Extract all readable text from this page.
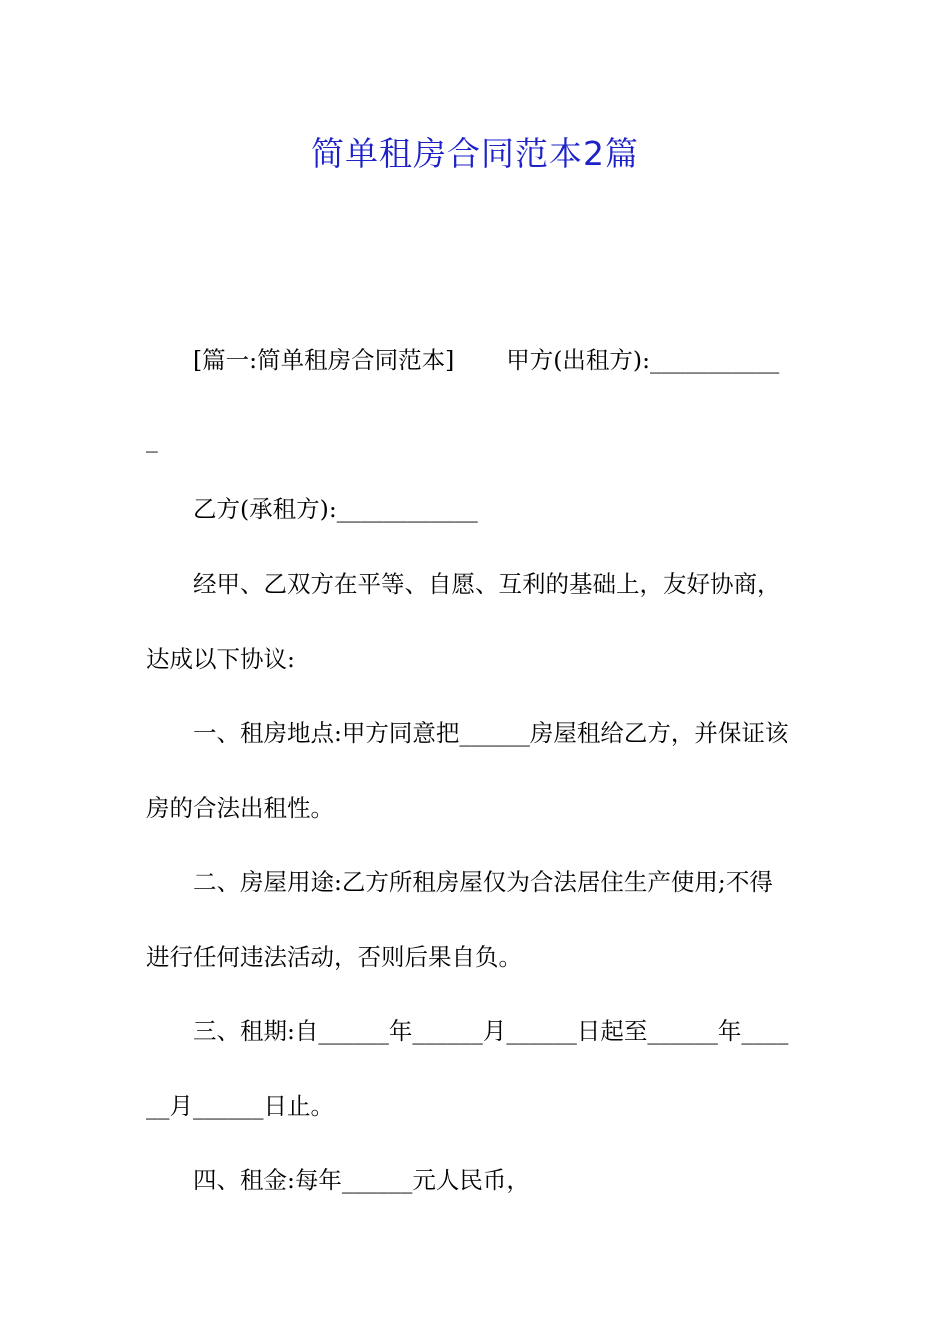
简单租房合同范本2篇
[篇一:简单租房合同范本] 甲方(出租方):___________
_
乙方(承租方):____________
经甲、乙双方在平等、自愿、互利的基础上，友好协商，
达成以下协议:
一、租房地点:甲方同意把______房屋租给乙方，并保证该
房的合法出租性。
二、房屋用途:乙方所租房屋仅为合法居住生产使用;不得
进行任何违法活动，否则后果自负。
三、租期:自______年______月______日起至______年____
__月______日止。
四、租金:每年______元人民币，
